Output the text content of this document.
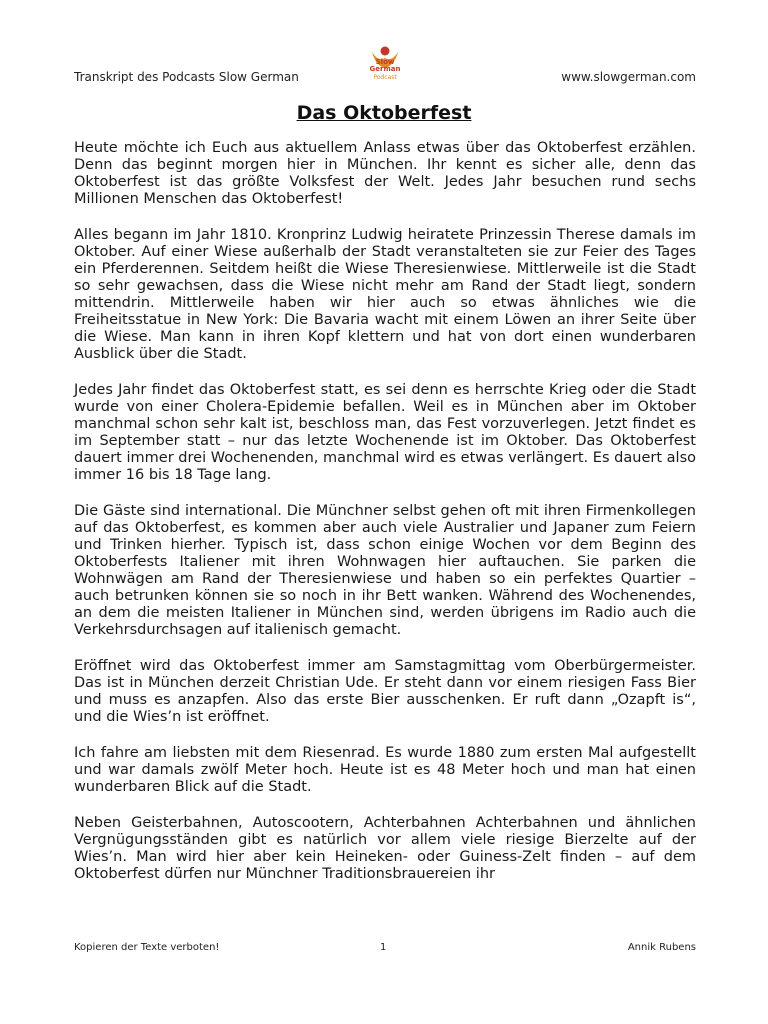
Transkript des Podcasts Slow German
Slow
German
Podcast	www.slowgerman.com
Das Oktoberfest

Heute möchte ich Euch aus aktuellem Anlass etwas über das Oktoberfest erzählen. Denn das beginnt morgen hier in München. Ihr kennt es sicher alle, denn das Oktoberfest ist das größte Volksfest der Welt. Jedes Jahr besuchen rund sechs Millionen Menschen das Oktoberfest!

Alles begann im Jahr 1810. Kronprinz Ludwig heiratete Prinzessin Therese damals im Oktober. Auf einer Wiese außerhalb der Stadt veranstalteten sie zur Feier des Tages ein Pferderennen. Seitdem heißt die Wiese Theresienwiese. Mittlerweile ist die Stadt so sehr gewachsen, dass die Wiese nicht mehr am Rand der Stadt liegt, sondern mittendrin. Mittlerweile haben wir hier auch so etwas ähnliches wie die Freiheitsstatue in New York: Die Bavaria wacht mit einem Löwen an ihrer Seite über die Wiese. Man kann in ihren Kopf klettern und hat von dort einen wunderbaren Ausblick über die Stadt.

Jedes Jahr findet das Oktoberfest statt, es sei denn es herrschte Krieg oder die Stadt wurde von einer Cholera-Epidemie befallen. Weil es in München aber im Oktober manchmal schon sehr kalt ist, beschloss man, das Fest vorzuverlegen. Jetzt findet es im September statt – nur das letzte Wochenende ist im Oktober. Das Oktoberfest dauert immer drei Wochenenden, manchmal wird es etwas verlängert. Es dauert also immer 16 bis 18 Tage lang.

Die Gäste sind international. Die Münchner selbst gehen oft mit ihren Firmenkollegen auf das Oktoberfest, es kommen aber auch viele Australier und Japaner zum Feiern und Trinken hierher. Typisch ist, dass schon einige Wochen vor dem Beginn des Oktoberfests Italiener mit ihren Wohnwagen hier auftauchen. Sie parken die Wohnwägen am Rand der Theresienwiese und haben so ein perfektes Quartier – auch betrunken können sie so noch in ihr Bett wanken. Während des Wochenendes, an dem die meisten Italiener in München sind, werden übrigens im Radio auch die Verkehrsdurchsagen auf italienisch gemacht.

Eröffnet wird das Oktoberfest immer am Samstagmittag vom Oberbürgermeister. Das ist in München derzeit Christian Ude. Er steht dann vor einem riesigen Fass Bier und muss es anzapfen. Also das erste Bier ausschenken. Er ruft dann „Ozapft is“, und die Wies’n ist eröffnet.

Ich fahre am liebsten mit dem Riesenrad. Es wurde 1880 zum ersten Mal aufgestellt und war damals zwölf Meter hoch. Heute ist es 48 Meter hoch und man hat einen wunderbaren Blick auf die Stadt.

Neben Geisterbahnen, Autoscootern, Achterbahnen Achterbahnen und ähnlichen Vergnügungsständen gibt es natürlich vor allem viele riesige Bierzelte auf der Wies’n. Man wird hier aber kein Heineken- oder Guiness-Zelt finden – auf dem Oktoberfest dürfen nur Münchner Traditionsbrauereien ihr

Kopieren der Texte verboten!	1	Annik Rubens
